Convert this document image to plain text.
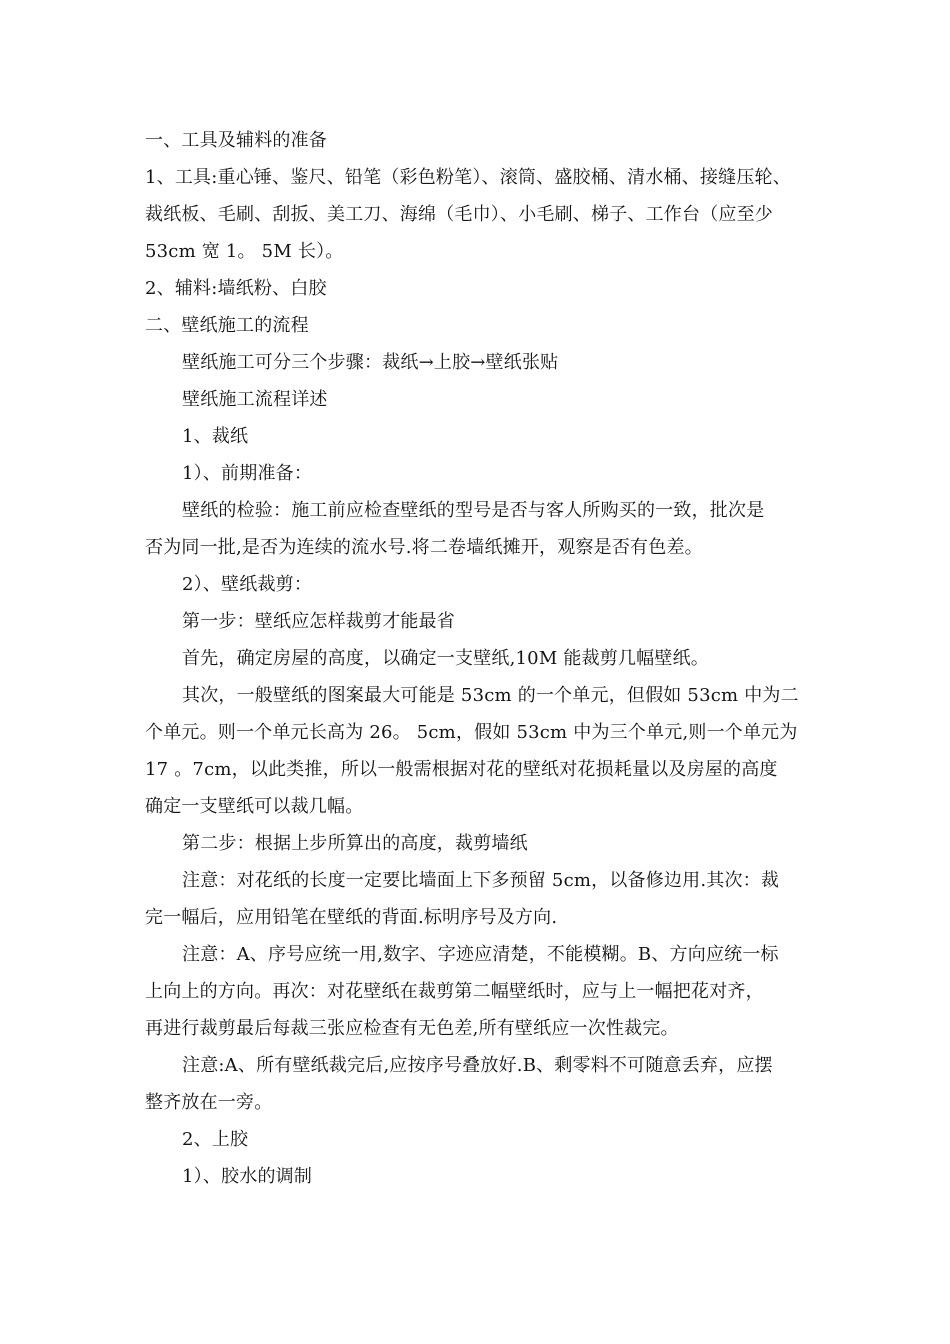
一、工具及辅料的准备
1、工具:重心锤、鉴尺、铅笔（彩色粉笔）、滚筒、盛胶桶、清水桶、接缝压轮、
裁纸板、毛刷、刮扳、美工刀、海绵（毛巾）、小毛刷、梯子、工作台（应至少
53cm 宽 1。 5M 长）。
2、辅料:墙纸粉、白胶
二、壁纸施工的流程
壁纸施工可分三个步骤：裁纸→上胶→壁纸张贴
壁纸施工流程详述
1、裁纸
1）、前期准备：
壁纸的检验：施工前应检查壁纸的型号是否与客人所购买的一致，批次是
否为同一批,是否为连续的流水号.将二卷墙纸摊开，观察是否有色差。
2）、壁纸裁剪：
第一步：壁纸应怎样裁剪才能最省
首先，确定房屋的高度，以确定一支壁纸,10M 能裁剪几幅壁纸。
其次，一般壁纸的图案最大可能是 53cm 的一个单元，但假如 53cm 中为二
个单元。则一个单元长高为 26。 5cm，假如 53cm 中为三个单元,则一个单元为
17 。7cm，以此类推，所以一般需根据对花的壁纸对花损耗量以及房屋的高度
确定一支壁纸可以裁几幅。
第二步：根据上步所算出的高度，裁剪墙纸
注意：对花纸的长度一定要比墙面上下多预留 5cm，以备修边用.其次：裁
完一幅后，应用铅笔在壁纸的背面.标明序号及方向.
注意：A、序号应统一用,数字、字迹应清楚，不能模糊。B、方向应统一标
上向上的方向。再次：对花壁纸在裁剪第二幅壁纸时，应与上一幅把花对齐，
再进行裁剪最后每裁三张应检查有无色差,所有壁纸应一次性裁完。
注意:A、所有壁纸裁完后,应按序号叠放好.B、剩零料不可随意丢弃，应摆
整齐放在一旁。
2、上胶
1）、胶水的调制
